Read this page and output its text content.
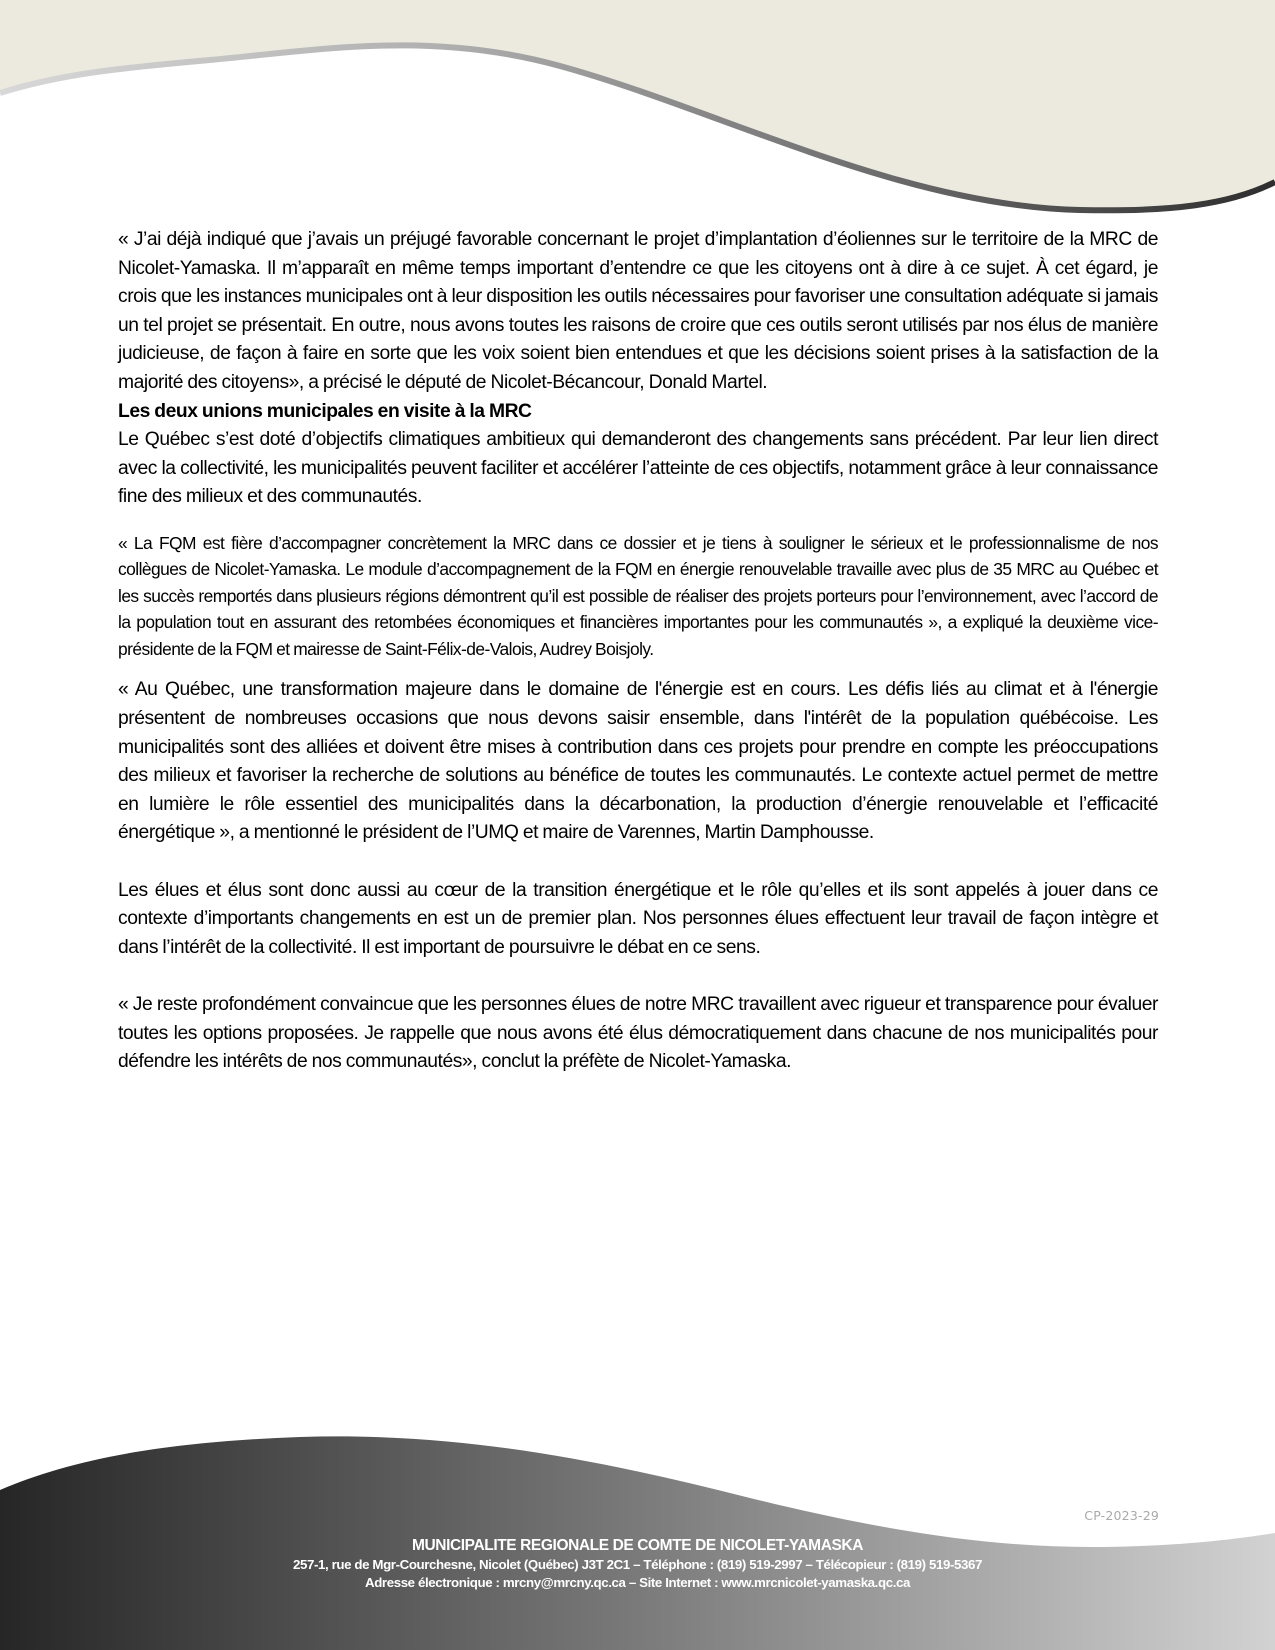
« J’ai déjà indiqué que j’avais un préjugé favorable concernant le projet d’implantation d’éoliennes sur le territoire de la MRC de Nicolet-Yamaska. Il m’apparaît en même temps important d’entendre ce que les citoyens ont à dire à ce sujet. À cet égard, je crois que les instances municipales ont à leur disposition les outils nécessaires pour favoriser une consultation adéquate si jamais un tel projet se présentait. En outre, nous avons toutes les raisons de croire que ces outils seront utilisés par nos élus de manière judicieuse, de façon à faire en sorte que les voix soient bien entendues et que les décisions soient prises à la satisfaction de la majorité des citoyens», a précisé le député de Nicolet-Bécancour, Donald Martel.

Les deux unions municipales en visite à la MRC

Le Québec s’est doté d’objectifs climatiques ambitieux qui demanderont des changements sans précédent. Par leur lien direct avec la collectivité, les municipalités peuvent faciliter et accélérer l’atteinte de ces objectifs, notamment grâce à leur connaissance fine des milieux et des communautés.

« La FQM est fière d’accompagner concrètement la MRC dans ce dossier et je tiens à souligner le sérieux et le professionnalisme de nos collègues de Nicolet-Yamaska. Le module d’accompagnement de la FQM en énergie renouvelable travaille avec plus de 35 MRC au Québec et les succès remportés dans plusieurs régions démontrent qu’il est possible de réaliser des projets porteurs pour l’environnement, avec l’accord de la population tout en assurant des retombées économiques et financières importantes pour les communautés », a expliqué la deuxième vice-présidente de la FQM et mairesse de Saint-Félix-de-Valois, Audrey Boisjoly.

« Au Québec, une transformation majeure dans le domaine de l'énergie est en cours. Les défis liés au climat et à l'énergie présentent de nombreuses occasions que nous devons saisir ensemble, dans l'intérêt de la population québécoise. Les municipalités sont des alliées et doivent être mises à contribution dans ces projets pour prendre en compte les préoccupations des milieux et favoriser la recherche de solutions au bénéfice de toutes les communautés. Le contexte actuel permet de mettre en lumière le rôle essentiel des municipalités dans la décarbonation, la production d’énergie renouvelable et l’efficacité énergétique », a mentionné le président de l’UMQ et maire de Varennes, Martin Damphousse.

Les élues et élus sont donc aussi au cœur de la transition énergétique et le rôle qu’elles et ils sont appelés à jouer dans ce contexte d’importants changements en est un de premier plan. Nos personnes élues effectuent leur travail de façon intègre et dans l’intérêt de la collectivité. Il est important de poursuivre le débat en ce sens.

« Je reste profondément convaincue que les personnes élues de notre MRC travaillent avec rigueur et transparence pour évaluer toutes les options proposées. Je rappelle que nous avons été élus démocratiquement dans chacune de nos municipalités pour défendre les intérêts de nos communautés», conclut la préfète de Nicolet-Yamaska.

CP-2023-29
MUNICIPALITE REGIONALE DE COMTE DE NICOLET-YAMASKA
257-1, rue de Mgr-Courchesne, Nicolet (Québec) J3T 2C1 – Téléphone : (819) 519-2997 – Télécopieur : (819) 519-5367
Adresse électronique : mrcny@mrcny.qc.ca – Site Internet : www.mrcnicolet-yamaska.qc.ca
